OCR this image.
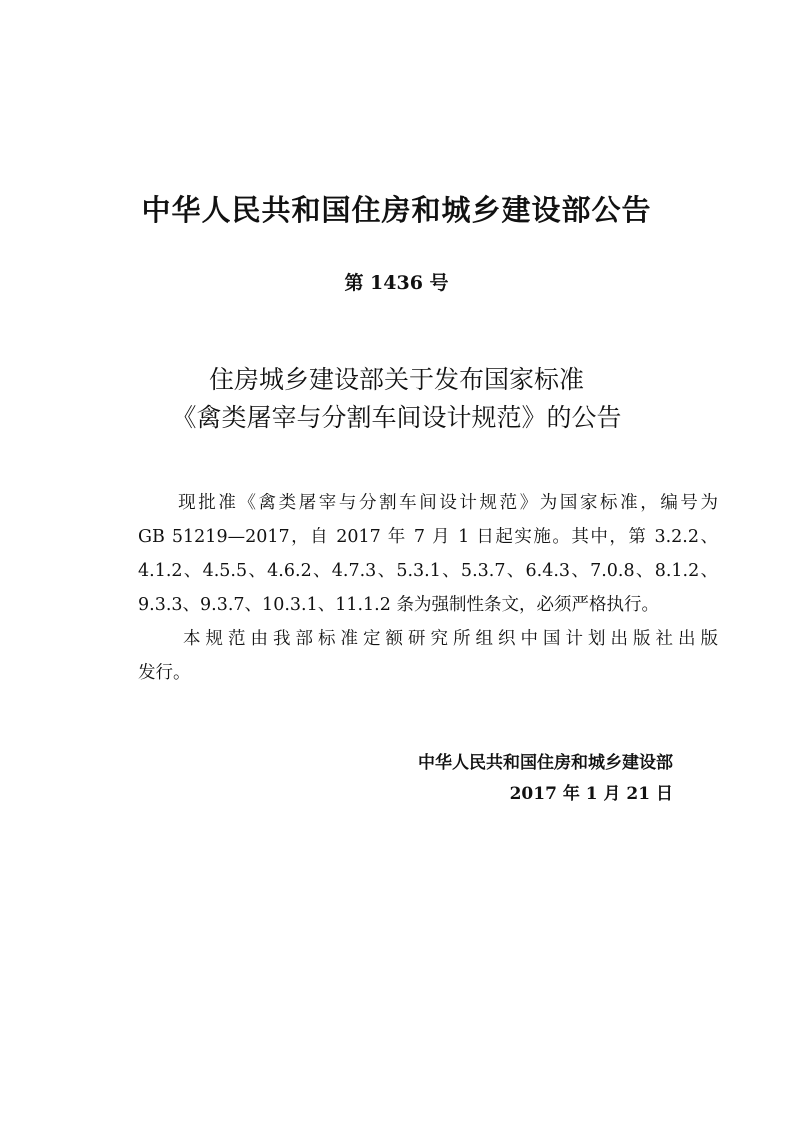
中华人民共和国住房和城乡建设部公告
第 1436 号
住房城乡建设部关于发布国家标准
《禽类屠宰与分割车间设计规范》的公告
　　现批准《禽类屠宰与分割车间设计规范》为国家标准，编号为
GB 51219—2017，自 2017 年 7 月 1 日起实施。其中，第 3.2.2、
4.1.2、4.5.5、4.6.2、4.7.3、5.3.1、5.3.7、6.4.3、7.0.8、8.1.2、
9.3.3、9.3.7、10.3.1、11.1.2 条为强制性条文，必须严格执行。
　　本规范由我部标准定额研究所组织中国计划出版社出版
发行。
中华人民共和国住房和城乡建设部
2017 年 1 月 21 日
